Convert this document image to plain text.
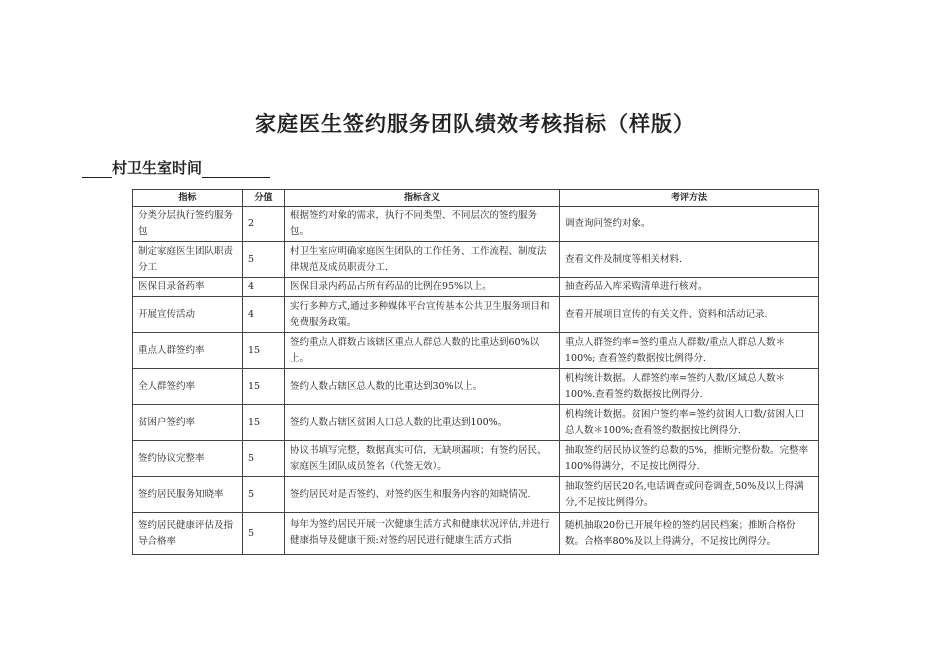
家庭医生签约服务团队绩效考核指标（样版）
村卫生室 时间
指标	分值	指标含义	考评方法
分类分层执行签约服务包	2	根据签约对象的需求，执行不同类型、不同层次的签约服务包。	调查询问签约对象。
制定家庭医生团队职责分工	5	村卫生室应明确家庭医生团队的工作任务、工作流程、制度法律规范及成员职责分工.	查看文件及制度等相关材料.
医保目录备药率	4	医保目录内药品占所有药品的比例在95%以上。	抽查药品入库采购清单进行核对。
开展宣传活动	4	实行多种方式,通过多种媒体平台宣传基本公共卫生服务项目和免费服务政策。	查看开展项目宣传的有关文件、资料和活动记录.
重点人群签约率	15	签约重点人群数占该辖区重点人群总人数的比重达到60%以上。	重点人群签约率=签约重点人群数/重点人群总人数＊100%; 查看签约数据按比例得分.
全人群签约率	15	签约人数占辖区总人数的比重达到30%以上。	机构统计数据。人群签约率=签约人数/区域总人数＊100%.查看签约数据按比例得分.
贫困户签约率	15	签约人数占辖区贫困人口总人数的比重达到100%。	机构统计数据。贫困户签约率=签约贫困人口数/贫困人口总人数＊100%;查看签约数据按比例得分.
签约协议完整率	5	协议书填写完整，数据真实可信，无缺项漏项；有签约居民、家庭医生团队成员签名（代签无效）。	抽取签约居民协议签约总数的5%，推断完整份数。完整率100%得满分，不足按比例得分.
签约居民服务知晓率	5	签约居民对是否签约、对签约医生和服务内容的知晓情况.	抽取签约居民20名,电话调查或问卷调查,50%及以上得满分,不足按比例得分。
签约居民健康评估及指导合格率	5	每年为签约居民开展一次健康生活方式和健康状况评估,并进行健康指导及健康干预:对签约居民进行健康生活方式指	随机抽取20份已开展年检的签约居民档案；推断合格份数。合格率80%及以上得满分，不足按比例得分。
